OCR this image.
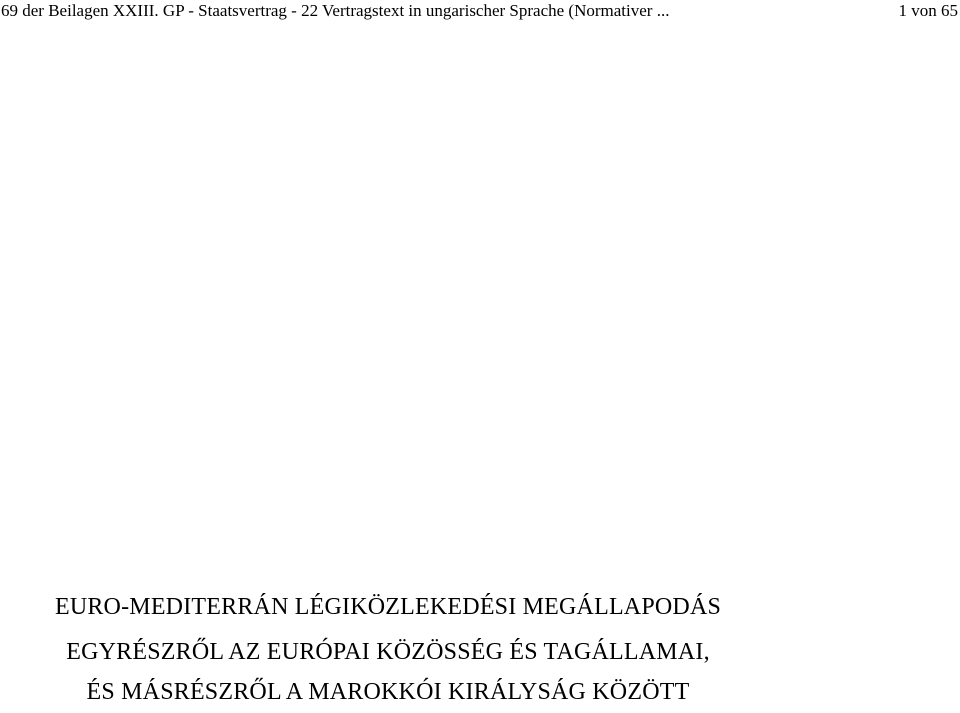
69 der Beilagen XXIII. GP - Staatsvertrag - 22 Vertragstext in ungarischer Sprache (Normativer ...	1 von 65
EURO-MEDITERRÁN LÉGIKÖZLEKEDÉSI MEGÁLLAPODÁS
EGYRÉSZRŐL AZ EURÓPAI KÖZÖSSÉG ÉS TAGÁLLAMAI,
ÉS MÁSRÉSZRŐL A MAROKKÓI KIRÁLYSÁG KÖZÖTT
